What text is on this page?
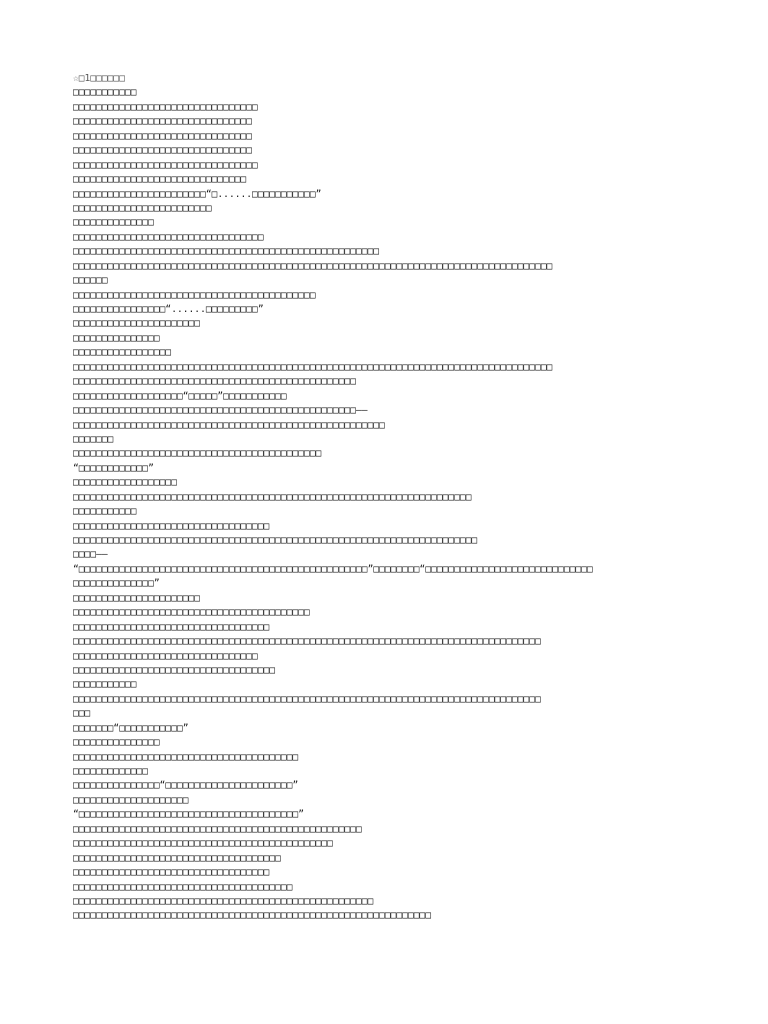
☆□1□□□□□□
□□□□□□□□□□□
□□□□□□□□□□□□□□□□□□□□□□□□□□□□□□□□
□□□□□□□□□□□□□□□□□□□□□□□□□□□□□□□
□□□□□□□□□□□□□□□□□□□□□□□□□□□□□□□
□□□□□□□□□□□□□□□□□□□□□□□□□□□□□□□
□□□□□□□□□□□□□□□□□□□□□□□□□□□□□□□□
□□□□□□□□□□□□□□□□□□□□□□□□□□□□□□
□□□□□□□□□□□□□□□□□□□□□□□“□......□□□□□□□□□□□”
□□□□□□□□□□□□□□□□□□□□□□□□
□□□□□□□□□□□□□□
□□□□□□□□□□□□□□□□□□□□□□□□□□□□□□□□□
□□□□□□□□□□□□□□□□□□□□□□□□□□□□□□□□□□□□□□□□□□□□□□□□□□□□□
□□□□□□□□□□□□□□□□□□□□□□□□□□□□□□□□□□□□□□□□□□□□□□□□□□□□□□□□□□□□□□□□□□□□□□□□□□□□□□□□□□□
□□□□□□
□□□□□□□□□□□□□□□□□□□□□□□□□□□□□□□□□□□□□□□□□□
□□□□□□□□□□□□□□□□“......□□□□□□□□□”
□□□□□□□□□□□□□□□□□□□□□□
□□□□□□□□□□□□□□□
□□□□□□□□□□□□□□□□□
□□□□□□□□□□□□□□□□□□□□□□□□□□□□□□□□□□□□□□□□□□□□□□□□□□□□□□□□□□□□□□□□□□□□□□□□□□□□□□□□□□□
□□□□□□□□□□□□□□□□□□□□□□□□□□□□□□□□□□□□□□□□□□□□□□□□□
□□□□□□□□□□□□□□□□□□□“□□□□□”□□□□□□□□□□□
□□□□□□□□□□□□□□□□□□□□□□□□□□□□□□□□□□□□□□□□□□□□□□□□□——
□□□□□□□□□□□□□□□□□□□□□□□□□□□□□□□□□□□□□□□□□□□□□□□□□□□□□□
□□□□□□□
□□□□□□□□□□□□□□□□□□□□□□□□□□□□□□□□□□□□□□□□□□□
“□□□□□□□□□□□□”
□□□□□□□□□□□□□□□□□□
□□□□□□□□□□□□□□□□□□□□□□□□□□□□□□□□□□□□□□□□□□□□□□□□□□□□□□□□□□□□□□□□□□□□□
□□□□□□□□□□□
□□□□□□□□□□□□□□□□□□□□□□□□□□□□□□□□□□
□□□□□□□□□□□□□□□□□□□□□□□□□□□□□□□□□□□□□□□□□□□□□□□□□□□□□□□□□□□□□□□□□□□□□□
□□□□——
“□□□□□□□□□□□□□□□□□□□□□□□□□□□□□□□□□□□□□□□□□□□□□□□□□□”□□□□□□□□“□□□□□□□□□□□□□□□□□□□□□□□□□□□□□
□□□□□□□□□□□□□□”
□□□□□□□□□□□□□□□□□□□□□□
□□□□□□□□□□□□□□□□□□□□□□□□□□□□□□□□□□□□□□□□□
□□□□□□□□□□□□□□□□□□□□□□□□□□□□□□□□□□
□□□□□□□□□□□□□□□□□□□□□□□□□□□□□□□□□□□□□□□□□□□□□□□□□□□□□□□□□□□□□□□□□□□□□□□□□□□□□□□□□
□□□□□□□□□□□□□□□□□□□□□□□□□□□□□□□□
□□□□□□□□□□□□□□□□□□□□□□□□□□□□□□□□□□□
□□□□□□□□□□□
□□□□□□□□□□□□□□□□□□□□□□□□□□□□□□□□□□□□□□□□□□□□□□□□□□□□□□□□□□□□□□□□□□□□□□□□□□□□□□□□□
□□□
□□□□□□□“□□□□□□□□□□□”
□□□□□□□□□□□□□□□
□□□□□□□□□□□□□□□□□□□□□□□□□□□□□□□□□□□□□□□
□□□□□□□□□□□□□
□□□□□□□□□□□□□□□“□□□□□□□□□□□□□□□□□□□□□□”
□□□□□□□□□□□□□□□□□□□□
“□□□□□□□□□□□□□□□□□□□□□□□□□□□□□□□□□□□□□□”
□□□□□□□□□□□□□□□□□□□□□□□□□□□□□□□□□□□□□□□□□□□□□□□□□□
□□□□□□□□□□□□□□□□□□□□□□□□□□□□□□□□□□□□□□□□□□□□□
□□□□□□□□□□□□□□□□□□□□□□□□□□□□□□□□□□□□
□□□□□□□□□□□□□□□□□□□□□□□□□□□□□□□□□□
□□□□□□□□□□□□□□□□□□□□□□□□□□□□□□□□□□□□□□
□□□□□□□□□□□□□□□□□□□□□□□□□□□□□□□□□□□□□□□□□□□□□□□□□□□□
□□□□□□□□□□□□□□□□□□□□□□□□□□□□□□□□□□□□□□□□□□□□□□□□□□□□□□□□□□□□□□
